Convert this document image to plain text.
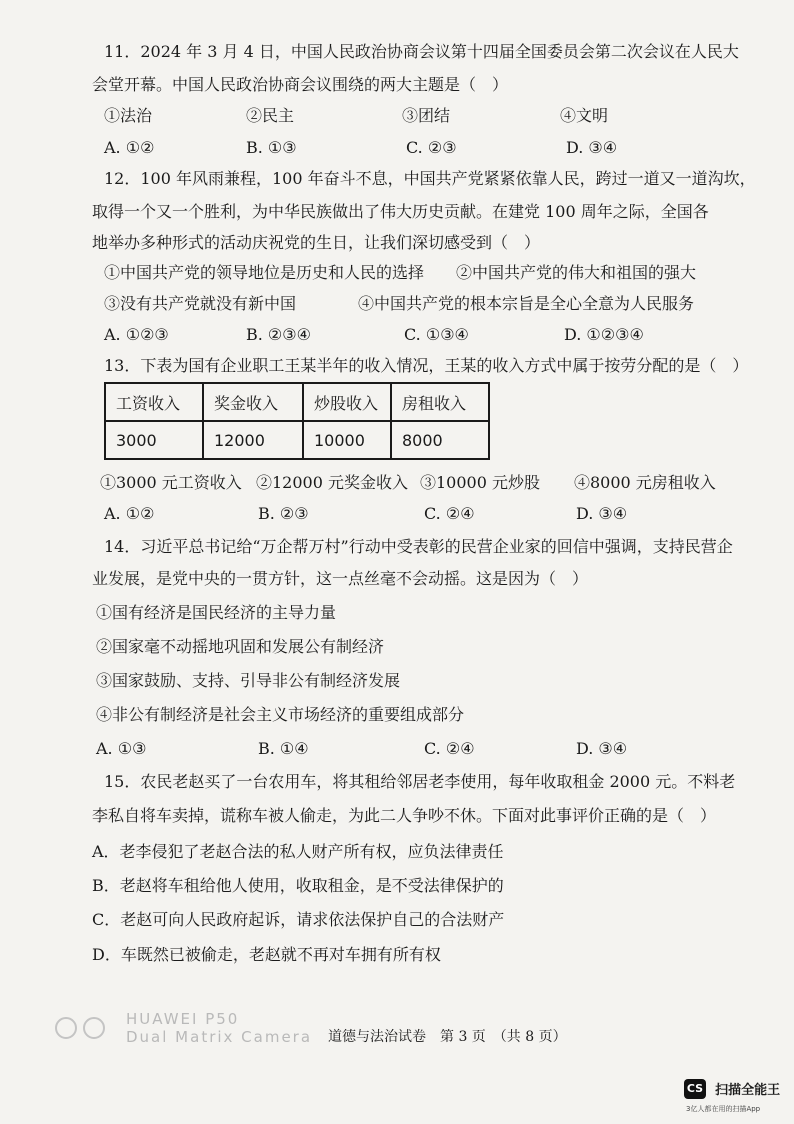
11．2024 年 3 月 4 日，中国人民政治协商会议第十四届全国委员会第二次会议在人民大
会堂开幕。中国人民政治协商会议围绕的两大主题是（　）
①法治	②民主	③团结	④文明
A. ①②	B. ①③	C. ②③	D. ③④
12．100 年风雨兼程，100 年奋斗不息，中国共产党紧紧依靠人民，跨过一道又一道沟坎，
取得一个又一个胜利，为中华民族做出了伟大历史贡献。在建党 100 周年之际，全国各
地举办多种形式的活动庆祝党的生日，让我们深切感受到（　）
①中国共产党的领导地位是历史和人民的选择 ②中国共产党的伟大和祖国的强大
③没有共产党就没有新中国	④中国共产党的根本宗旨是全心全意为人民服务
A. ①②③	B. ②③④	C. ①③④	D. ①②③④
13．下表为国有企业职工王某半年的收入情况，王某的收入方式中属于按劳分配的是（　）
工资收入	奖金收入	炒股收入	房租收入
3000	12000	10000	8000
①3000 元工资收入 ②12000 元奖金收入 ③10000 元炒股 ④8000 元房租收入
A. ①②	B. ②③	C. ②④	D. ③④
14．习近平总书记给“万企帮万村”行动中受表彰的民营企业家的回信中强调，支持民营企
业发展，是党中央的一贯方针，这一点丝毫不会动摇。这是因为（　）
①国有经济是国民经济的主导力量
②国家毫不动摇地巩固和发展公有制经济
③国家鼓励、支持、引导非公有制经济发展
④非公有制经济是社会主义市场经济的重要组成部分
A. ①③	B. ①④	C. ②④	D. ③④
15．农民老赵买了一台农用车，将其租给邻居老李使用，每年收取租金 2000 元。不料老
李私自将车卖掉，谎称车被人偷走，为此二人争吵不休。下面对此事评价正确的是（　）
A．老李侵犯了老赵合法的私人财产所有权，应负法律责任
B．老赵将车租给他人使用，收取租金，是不受法律保护的
C．老赵可向人民政府起诉，请求依法保护自己的合法财产
D．车既然已被偷走，老赵就不再对车拥有所有权
道德与法治试卷　第 3 页　（共 8 页）
HUAWEI P50
Dual Matrix Camera
CS 扫描全能王
3亿人都在用的扫描App
